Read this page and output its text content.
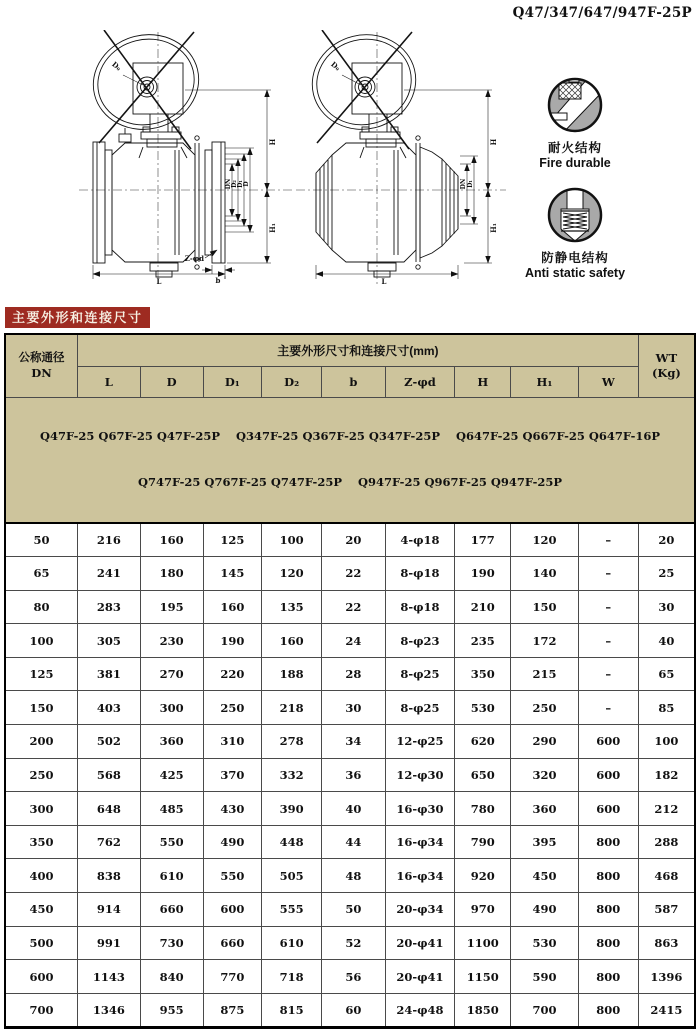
Q47/347/647/947F-25P
D₀
H
H₁
DN D₂ D₁ D
L
Z-φd
b
D₀
H
H₁
DN D₁
L
耐火结构
Fire durable
防静电结构
Anti static safety
主要外形和连接尺寸
公称通径
DN
	主要外形尺寸和连接尺寸(mm)	WT
(Kg)

	L	D	D₁	D₂	b	Z-φd	H	H₁	W	

Q47F-25 Q67F-25 Q47F-25P    Q347F-25 Q367F-25 Q347F-25P    Q647F-25 Q667F-25 Q647F-16P

Q747F-25 Q767F-25 Q747F-25P    Q947F-25 Q967F-25 Q947F-25P										

50	216	160	125	100	20	4-φ18	177	120	–	20
65	241	180	145	120	22	8-φ18	190	140	–	25
80	283	195	160	135	22	8-φ18	210	150	–	30
100	305	230	190	160	24	8-φ23	235	172	–	40
125	381	270	220	188	28	8-φ25	350	215	–	65
150	403	300	250	218	30	8-φ25	530	250	–	85
200	502	360	310	278	34	12-φ25	620	290	600	100
250	568	425	370	332	36	12-φ30	650	320	600	182
300	648	485	430	390	40	16-φ30	780	360	600	212
350	762	550	490	448	44	16-φ34	790	395	800	288
400	838	610	550	505	48	16-φ34	920	450	800	468
450	914	660	600	555	50	20-φ34	970	490	800	587
500	991	730	660	610	52	20-φ41	1100	530	800	863
600	1143	840	770	718	56	20-φ41	1150	590	800	1396
700	1346	955	875	815	60	24-φ48	1850	700	800	2415
